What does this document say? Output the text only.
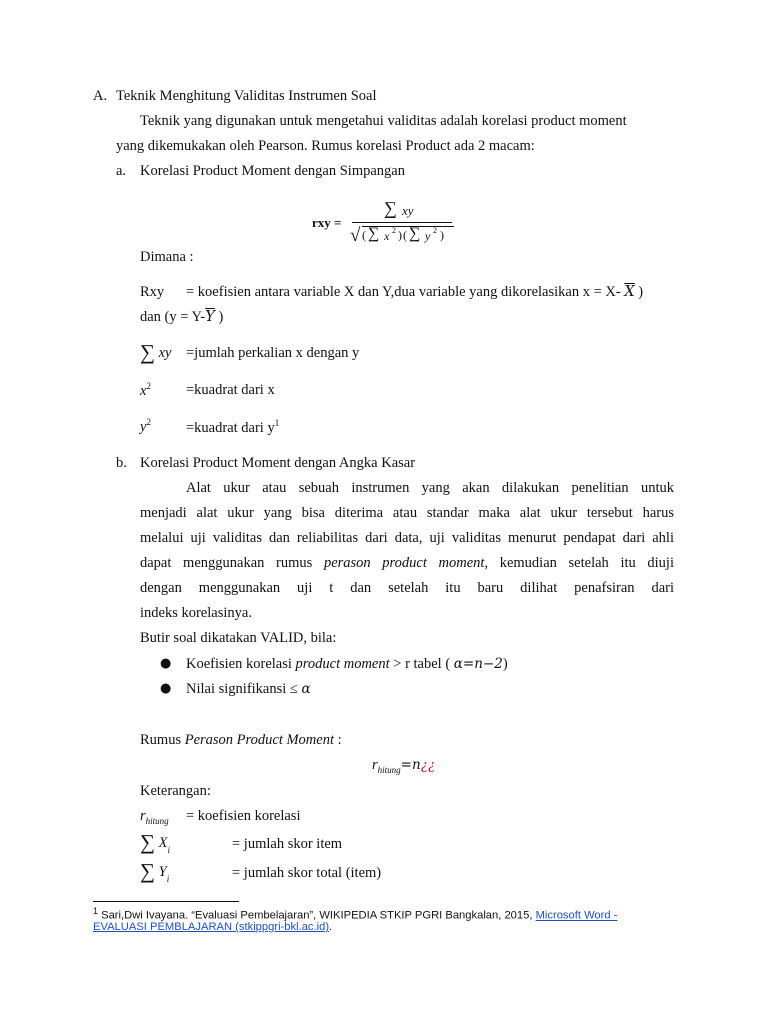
A. Teknik Menghitung Validitas Instrumen Soal
Teknik yang digunakan untuk mengetahui validitas adalah korelasi product moment
yang dikemukakan oleh Pearson. Rumus korelasi Product ada 2 macam:
a. Korelasi Product Moment dengan Simpangan
rxy =
∑ xy
√ ( ∑ x 2 ) ( ∑ y 2 )
Dimana :
Rxy = koefisien antara variable X dan Y,dua variable yang dikorelasikan x = X- $\overline{X}$ )
dan ($y = Y-\overline{Y}$ )
∑ xy =jumlah perkalian x dengan y
$x^2$ =kuadrat dari x
$y^2$ =kuadrat dari $y^1$
b. Korelasi Product Moment dengan Angka Kasar
Alat ukur atau sebuah instrumen yang akan dilakukan penelitian untuk
menjadi alat ukur yang bisa diterima atau standar maka alat ukur tersebut harus
melalui uji validitas dan reliabilitas dari data, uji validitas menurut pendapat dari ahli
dapat menggunakan rumus perason product moment, kemudian setelah itu diuji
dengan menggunakan uji t dan setelah itu baru dilihat penafsiran dari
indeks korelasinya.
Butir soal dikatakan VALID, bila:
● Koefisien korelasi product moment > r tabel ( α=n−2)
● Nilai signifikansi ≤ α
Rumus Perason Product Moment :
$r_{hitung}=n¿¿$
Keterangan:
$r_{hitung}$ = koefisien korelasi
∑ $X_i$	= jumlah skor item
∑ $Y_i$	= jumlah skor total (item)
$^1$ Sari,Dwi Ivayana. “Evaluasi Pembelajaran”, WIKIPEDIA STKIP PGRI Bangkalan, 2015, Microsoft Word -
EVALUASI PEMBLAJARAN (stkippgri-bkl.ac.id).
